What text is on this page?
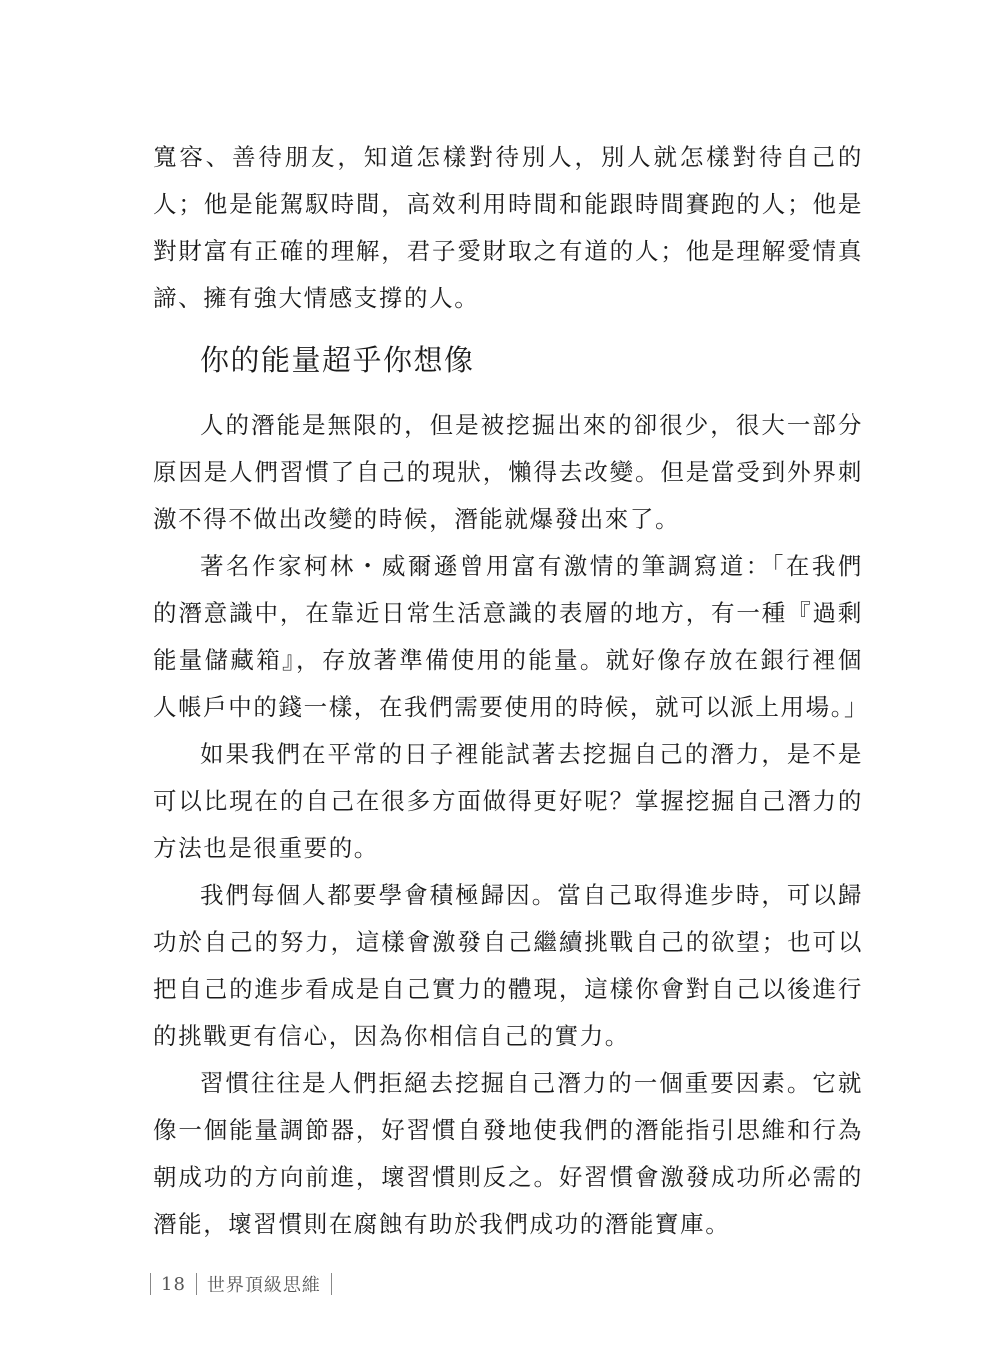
寬容、善待朋友，知道怎樣對待別人，別人就怎樣對待自己的人；他是能駕馭時間，高效利用時間和能跟時間賽跑的人；他是對財富有正確的理解，君子愛財取之有道的人；他是理解愛情真諦、擁有強大情感支撐的人。

你的能量超乎你想像

人的潛能是無限的，但是被挖掘出來的卻很少，很大一部分原因是人們習慣了自己的現狀，懶得去改變。但是當受到外界刺激不得不做出改變的時候，潛能就爆發出來了。

著名作家柯林・威爾遜曾用富有激情的筆調寫道：「在我們的潛意識中，在靠近日常生活意識的表層的地方，有一種『過剩能量儲藏箱』，存放著準備使用的能量。就好像存放在銀行裡個人帳戶中的錢一樣，在我們需要使用的時候，就可以派上用場。」

如果我們在平常的日子裡能試著去挖掘自己的潛力，是不是可以比現在的自己在很多方面做得更好呢？掌握挖掘自己潛力的方法也是很重要的。

我們每個人都要學會積極歸因。當自己取得進步時，可以歸功於自己的努力，這樣會激發自己繼續挑戰自己的欲望；也可以把自己的進步看成是自己實力的體現，這樣你會對自己以後進行的挑戰更有信心，因為你相信自己的實力。

習慣往往是人們拒絕去挖掘自己潛力的一個重要因素。它就像一個能量調節器，好習慣自發地使我們的潛能指引思維和行為朝成功的方向前進，壞習慣則反之。好習慣會激發成功所必需的潛能，壞習慣則在腐蝕有助於我們成功的潛能寶庫。

18	世界頂級思維
